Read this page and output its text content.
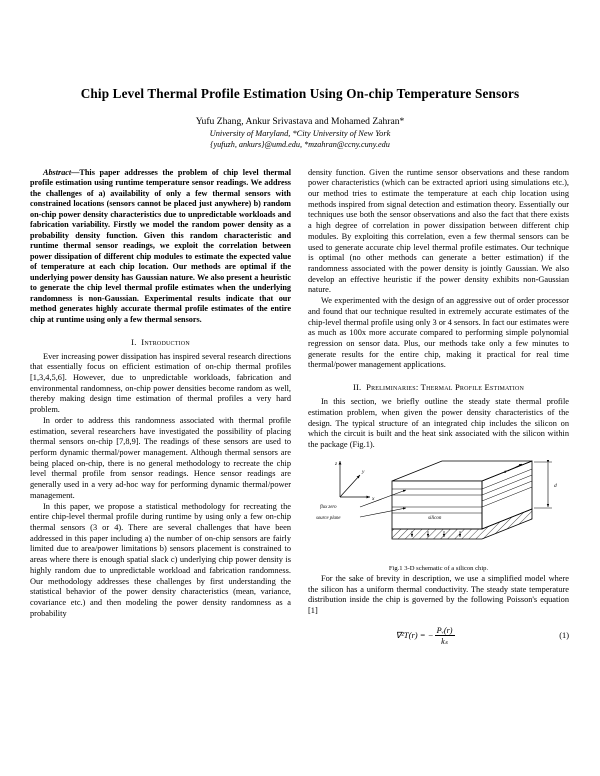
Chip Level Thermal Profile Estimation Using On-chip Temperature Sensors
Yufu Zhang, Ankur Srivastava and Mohamed Zahran*
University of Maryland, *City University of New York
{yufuzh, ankurs}@umd.edu, *mzahran@ccny.cuny.edu

Abstract—This paper addresses the problem of chip level thermal profile estimation using runtime temperature sensor readings. We address the challenges of a) availability of only a few thermal sensors with constrained locations (sensors cannot be placed just anywhere) b) random on-chip power density characteristics due to unpredictable workloads and fabrication variability. Firstly we model the random power density as a probability density function. Given this random characteristic and runtime thermal sensor readings, we exploit the correlation between power dissipation of different chip modules to estimate the expected value of temperature at each chip location. Our methods are optimal if the underlying power density has Gaussian nature. We also present a heuristic to generate the chip level thermal profile estimates when the underlying randomness is non-Gaussian. Experimental results indicate that our method generates highly accurate thermal profile estimates of the entire chip at runtime using only a few thermal sensors.

I. Introduction

Ever increasing power dissipation has inspired several research directions that essentially focus on efficient estimation of on-chip thermal profiles [1,3,4,5,6]. However, due to unpredictable workloads, fabrication and environmental randomness, on-chip power densities become random as well, thereby making design time estimation of thermal profiles a very hard problem.

In order to address this randomness associated with thermal profile estimation, several researchers have investigated the possibility of placing thermal sensors on-chip [7,8,9]. The readings of these sensors are used to perform dynamic thermal/power management. Although thermal sensors are being placed on-chip, there is no general methodology to recreate the chip level thermal profile from sensor readings. Hence sensor readings are generally used in a very ad-hoc way for performing dynamic thermal/power management.

In this paper, we propose a statistical methodology for recreating the entire chip-level thermal profile during runtime by using only a few on-chip thermal sensors (3 or 4). There are several challenges that have been addressed in this paper including a) the number of on-chip sensors are fairly limited due to area/power limitations b) sensors placement is constrained to areas where there is enough spatial slack c) underlying chip power density is highly random due to unpredictable workload and fabrication randomness. Our methodology addresses these challenges by first understanding the statistical behavior of the power density characteristics (mean, variance, covariance etc.) and then modeling the power density randomness as a probability

density function. Given the runtime sensor observations and these random power characteristics (which can be extracted apriori using simulations etc.), our method tries to estimate the temperature at each chip location using methods inspired from signal detection and estimation theory. Essentially our techniques use both the sensor observations and also the fact that there exists a high degree of correlation in power dissipation between different chip modules. By exploiting this correlation, even a few thermal sensors can be used to generate accurate chip level thermal profile estimates. Our technique is optimal (no other methods can generate a better estimation) if the randomness associated with the power density is jointly Gaussian. We also develop an effective heuristic if the power density exhibits non-Gaussian nature.

We experimented with the design of an aggressive out of order processor and found that our technique resulted in extremely accurate estimates of the chip-level thermal profile using only 3 or 4 sensors. In fact our estimates were as much as 100x more accurate compared to performing simple polynomial regression on sensor data. Plus, our methods take only a few minutes to generate results for the entire chip, making it practical for real time thermal/power management applications.

II. Preliminaries: Thermal Profile Estimation

In this section, we briefly outline the steady state thermal profile estimation problem, when given the power density characteristics of the design. The typical structure of an integrated chip includes the silicon on which the circuit is built and the heat sink associated with the silicon within the package (Fig.1).

z
y
x
flux zero
source plane	silicon
d
a
Fig.1 3-D schematic of a silicon chip.

For the sake of brevity in description, we use a simplified model where the silicon has a uniform thermal conductivity. The steady state temperature distribution inside the chip is governed by the following Poisson's equation [1]

∇²T(r) = − $\frac{\text{Pᵥ(r)}}{\text{kₛ}}$	(1)
